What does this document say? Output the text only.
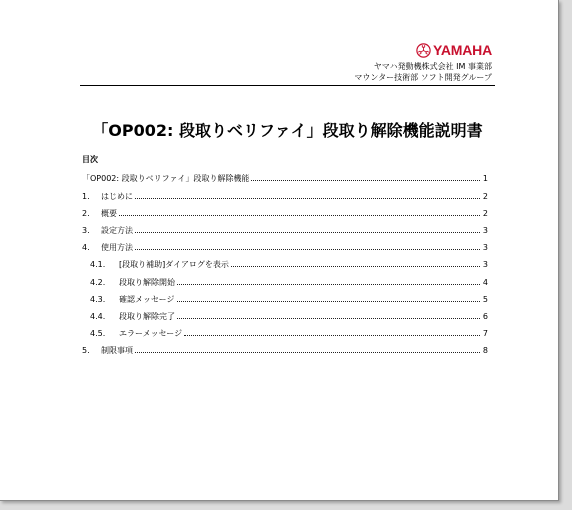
YAMAHA
ヤマハ発動機株式会社 IM 事業部
マウンター技術部 ソフト開発グループ
「OP002: 段取りベリファイ」段取り解除機能説明書
目次
「OP002: 段取りベリファイ」段取り解除機能	1
1.	はじめに	2
2.	概要	2
3.	設定方法	3
4.	使用方法	3
4.1.	[段取り補助]ダイアログを表示	3
4.2.	段取り解除開始	4
4.3.	確認メッセージ	5
4.4.	段取り解除完了	6
4.5.	エラーメッセージ	7
5.	制限事項	8
